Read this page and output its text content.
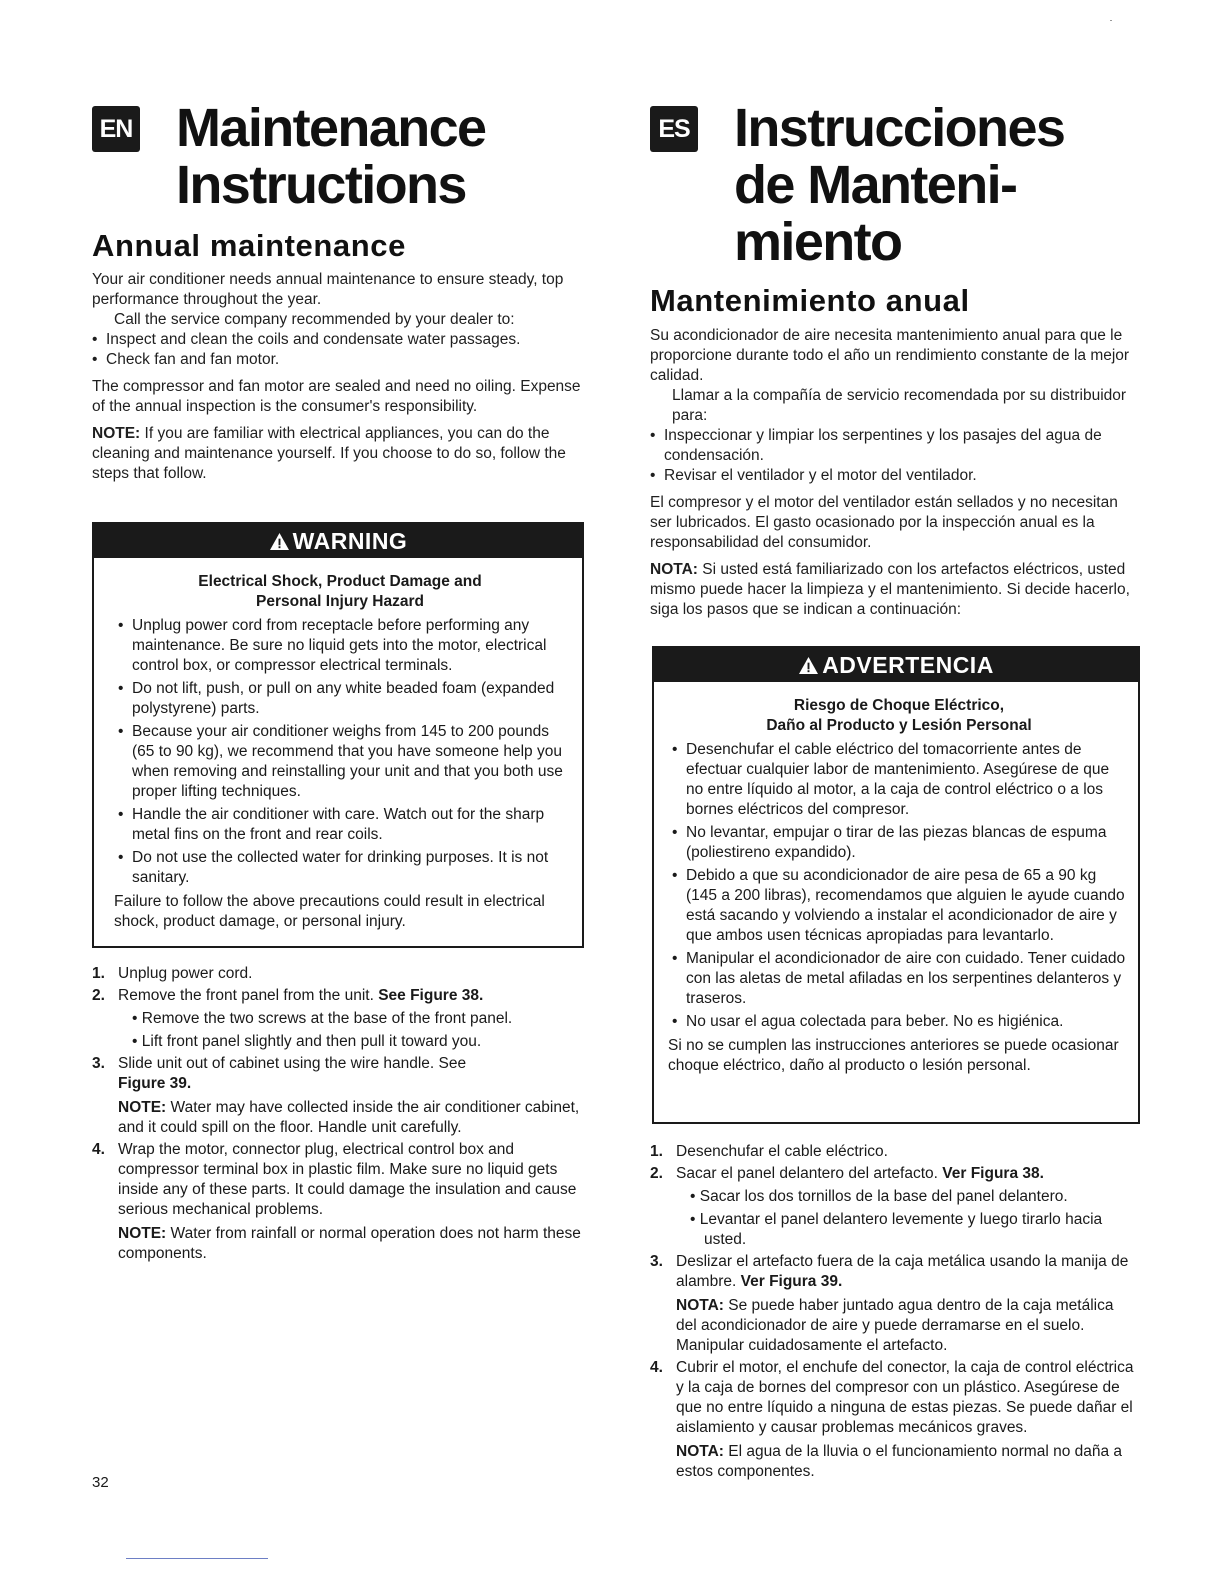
EN Maintenance
Instructions
Annual maintenance

Your air conditioner needs annual maintenance to ensure steady, top performance throughout the year.

Call the service company recommended by your dealer to:

• Inspect and clean the coils and condensate water passages.

• Check fan and fan motor.

The compressor and fan motor are sealed and need no oiling. Expense of the annual inspection is the consumer's responsibility.

NOTE: If you are familiar with electrical appliances, you can do the cleaning and maintenance yourself. If you choose to do so, follow the steps that follow.

WARNING
Electrical Shock, Product Damage and
Personal Injury Hazard
• Unplug power cord from receptacle before performing any maintenance. Be sure no liquid gets into the motor, electrical control box, or compressor electrical terminals.
• Do not lift, push, or pull on any white beaded foam (expanded polystyrene) parts.
• Because your air conditioner weighs from 145 to 200 pounds (65 to 90 kg), we recommend that you have someone help you when removing and reinstalling your unit and that you both use proper lifting techniques.
• Handle the air conditioner with care. Watch out for the sharp metal fins on the front and rear coils.
• Do not use the collected water for drinking purposes. It is not sanitary.
Failure to follow the above precautions could result in electrical shock, product damage, or personal injury.
1. Unplug power cord.
2. Remove the front panel from the unit. See Figure 38.
• Remove the two screws at the base of the front panel.
• Lift front panel slightly and then pull it toward you.
3. Slide unit out of cabinet using the wire handle. See
Figure 39.
NOTE: Water may have collected inside the air conditioner cabinet, and it could spill on the floor. Handle unit carefully.
4. Wrap the motor, connector plug, electrical control box and compressor terminal box in plastic film. Make sure no liquid gets inside any of these parts. It could damage the insulation and cause serious mechanical problems.
NOTE: Water from rainfall or normal operation does not harm these components.
ES Instrucciones
de Manteni-
miento
Mantenimiento anual

Su acondicionador de aire necesita mantenimiento anual para que le proporcione durante todo el año un rendimiento constante de la mejor calidad.

Llamar a la compañía de servicio recomendada por su distribuidor para:

• Inspeccionar y limpiar los serpentines y los pasajes del agua de condensación.

• Revisar el ventilador y el motor del ventilador.

El compresor y el motor del ventilador están sellados y no necesitan ser lubricados. El gasto ocasionado por la inspección anual es la responsabilidad del consumidor.

NOTA: Si usted está familiarizado con los artefactos eléctricos, usted mismo puede hacer la limpieza y el mantenimiento. Si decide hacerlo, siga los pasos que se indican a continuación:

ADVERTENCIA
Riesgo de Choque Eléctrico,
Daño al Producto y Lesión Personal
• Desenchufar el cable eléctrico del tomacorriente antes de efectuar cualquier labor de mantenimiento. Asegúrese de que no entre líquido al motor, a la caja de control eléctrico o a los bornes eléctricos del compresor.
• No levantar, empujar o tirar de las piezas blancas de espuma (poliestireno expandido).
• Debido a que su acondicionador de aire pesa de 65 a 90 kg (145 a 200 libras), recomendamos que alguien le ayude cuando está sacando y volviendo a instalar el acondicionador de aire y que ambos usen técnicas apropiadas para levantarlo.
• Manipular el acondicionador de aire con cuidado. Tener cuidado con las aletas de metal afiladas en los serpentines delanteros y traseros.
• No usar el agua colectada para beber. No es higiénica.
Si no se cumplen las instrucciones anteriores se puede ocasionar choque eléctrico, daño al producto o lesión personal.
1. Desenchufar el cable eléctrico.
2. Sacar el panel delantero del artefacto. Ver Figura 38.
• Sacar los dos tornillos de la base del panel delantero.
• Levantar el panel delantero levemente y luego tirarlo hacia usted.
3. Deslizar el artefacto fuera de la caja metálica usando la manija de alambre. Ver Figura 39.
NOTA: Se puede haber juntado agua dentro de la caja metálica del acondicionador de aire y puede derramarse en el suelo. Manipular cuidadosamente el artefacto.
4. Cubrir el motor, el enchufe del conector, la caja de control eléctrica y la caja de bornes del compresor con un plástico. Asegúrese de que no entre líquido a ninguna de estas piezas. Se puede dañar el aislamiento y causar problemas mecánicos graves.
NOTA: El agua de la lluvia o el funcionamiento normal no daña a estos componentes.
32
